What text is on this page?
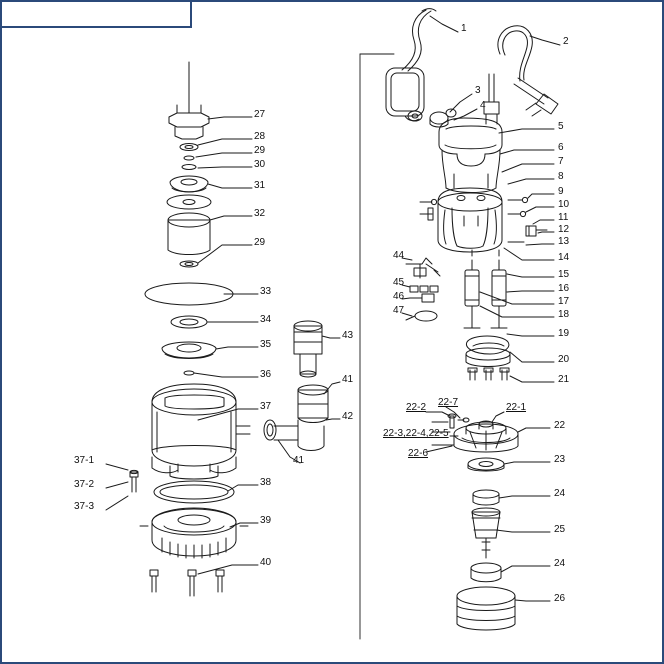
1
2
3
4
5
6
7
8
9
10
11
12
13
14
15
16
17
18
19
20
21
22
23
24
25
24
26
22-1
22-2 22-7
22-3,22-4,22-5
22-6
27
28
29
30
31
32
29
33
34
35
36
37
38
39
40
41
42
41
43
44
45
46
47
37-1
37-2
37-3
